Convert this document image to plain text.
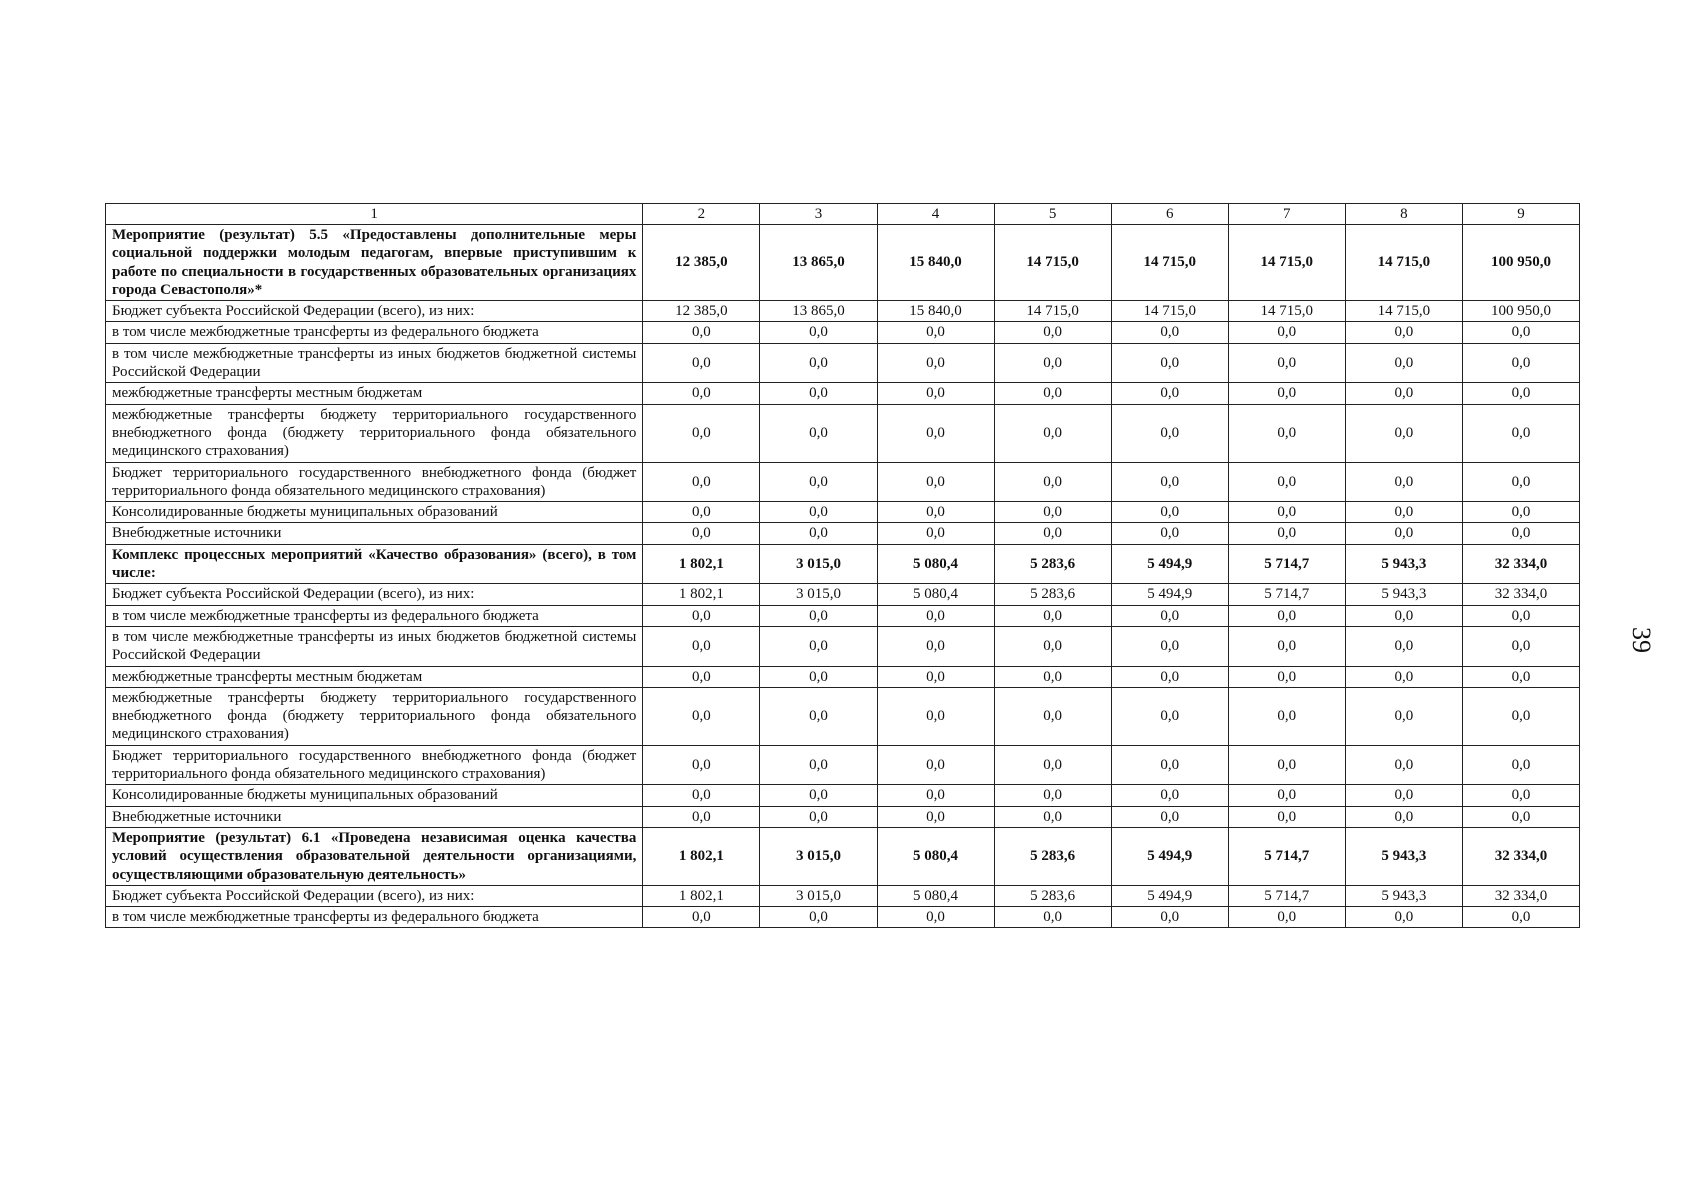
1	2	3	4	5	6	7	8	9
Мероприятие (результат) 5.5 «Предоставлены дополнительные меры социальной поддержки молодым педагогам, впервые приступившим к работе по специальности в государственных образовательных организациях города Севастополя»*	12 385,0	13 865,0	15 840,0	14 715,0	14 715,0	14 715,0	14 715,0	100 950,0
Бюджет субъекта Российской Федерации (всего), из них:	12 385,0	13 865,0	15 840,0	14 715,0	14 715,0	14 715,0	14 715,0	100 950,0
в том числе межбюджетные трансферты из федерального бюджета	0,0	0,0	0,0	0,0	0,0	0,0	0,0	0,0
в том числе межбюджетные трансферты из иных бюджетов бюджетной системы Российской Федерации	0,0	0,0	0,0	0,0	0,0	0,0	0,0	0,0
межбюджетные трансферты местным бюджетам	0,0	0,0	0,0	0,0	0,0	0,0	0,0	0,0
межбюджетные трансферты бюджету территориального государственного внебюджетного фонда (бюджету территориального фонда обязательного медицинского страхования)	0,0	0,0	0,0	0,0	0,0	0,0	0,0	0,0
Бюджет территориального государственного внебюджетного фонда (бюджет территориального фонда обязательного медицинского страхования)	0,0	0,0	0,0	0,0	0,0	0,0	0,0	0,0
Консолидированные бюджеты муниципальных образований	0,0	0,0	0,0	0,0	0,0	0,0	0,0	0,0
Внебюджетные источники	0,0	0,0	0,0	0,0	0,0	0,0	0,0	0,0
Комплекс процессных мероприятий «Качество образования» (всего), в том числе:	1 802,1	3 015,0	5 080,4	5 283,6	5 494,9	5 714,7	5 943,3	32 334,0
Бюджет субъекта Российской Федерации (всего), из них:	1 802,1	3 015,0	5 080,4	5 283,6	5 494,9	5 714,7	5 943,3	32 334,0
в том числе межбюджетные трансферты из федерального бюджета	0,0	0,0	0,0	0,0	0,0	0,0	0,0	0,0
в том числе межбюджетные трансферты из иных бюджетов бюджетной системы Российской Федерации	0,0	0,0	0,0	0,0	0,0	0,0	0,0	0,0
межбюджетные трансферты местным бюджетам	0,0	0,0	0,0	0,0	0,0	0,0	0,0	0,0
межбюджетные трансферты бюджету территориального государственного внебюджетного фонда (бюджету территориального фонда обязательного медицинского страхования)	0,0	0,0	0,0	0,0	0,0	0,0	0,0	0,0
Бюджет территориального государственного внебюджетного фонда (бюджет территориального фонда обязательного медицинского страхования)	0,0	0,0	0,0	0,0	0,0	0,0	0,0	0,0
Консолидированные бюджеты муниципальных образований	0,0	0,0	0,0	0,0	0,0	0,0	0,0	0,0
Внебюджетные источники	0,0	0,0	0,0	0,0	0,0	0,0	0,0	0,0
Мероприятие (результат) 6.1 «Проведена независимая оценка качества условий осуществления образовательной деятельности организациями, осуществляющими образовательную деятельность»	1 802,1	3 015,0	5 080,4	5 283,6	5 494,9	5 714,7	5 943,3	32 334,0
Бюджет субъекта Российской Федерации (всего), из них:	1 802,1	3 015,0	5 080,4	5 283,6	5 494,9	5 714,7	5 943,3	32 334,0
в том числе межбюджетные трансферты из федерального бюджета	0,0	0,0	0,0	0,0	0,0	0,0	0,0	0,0
39
